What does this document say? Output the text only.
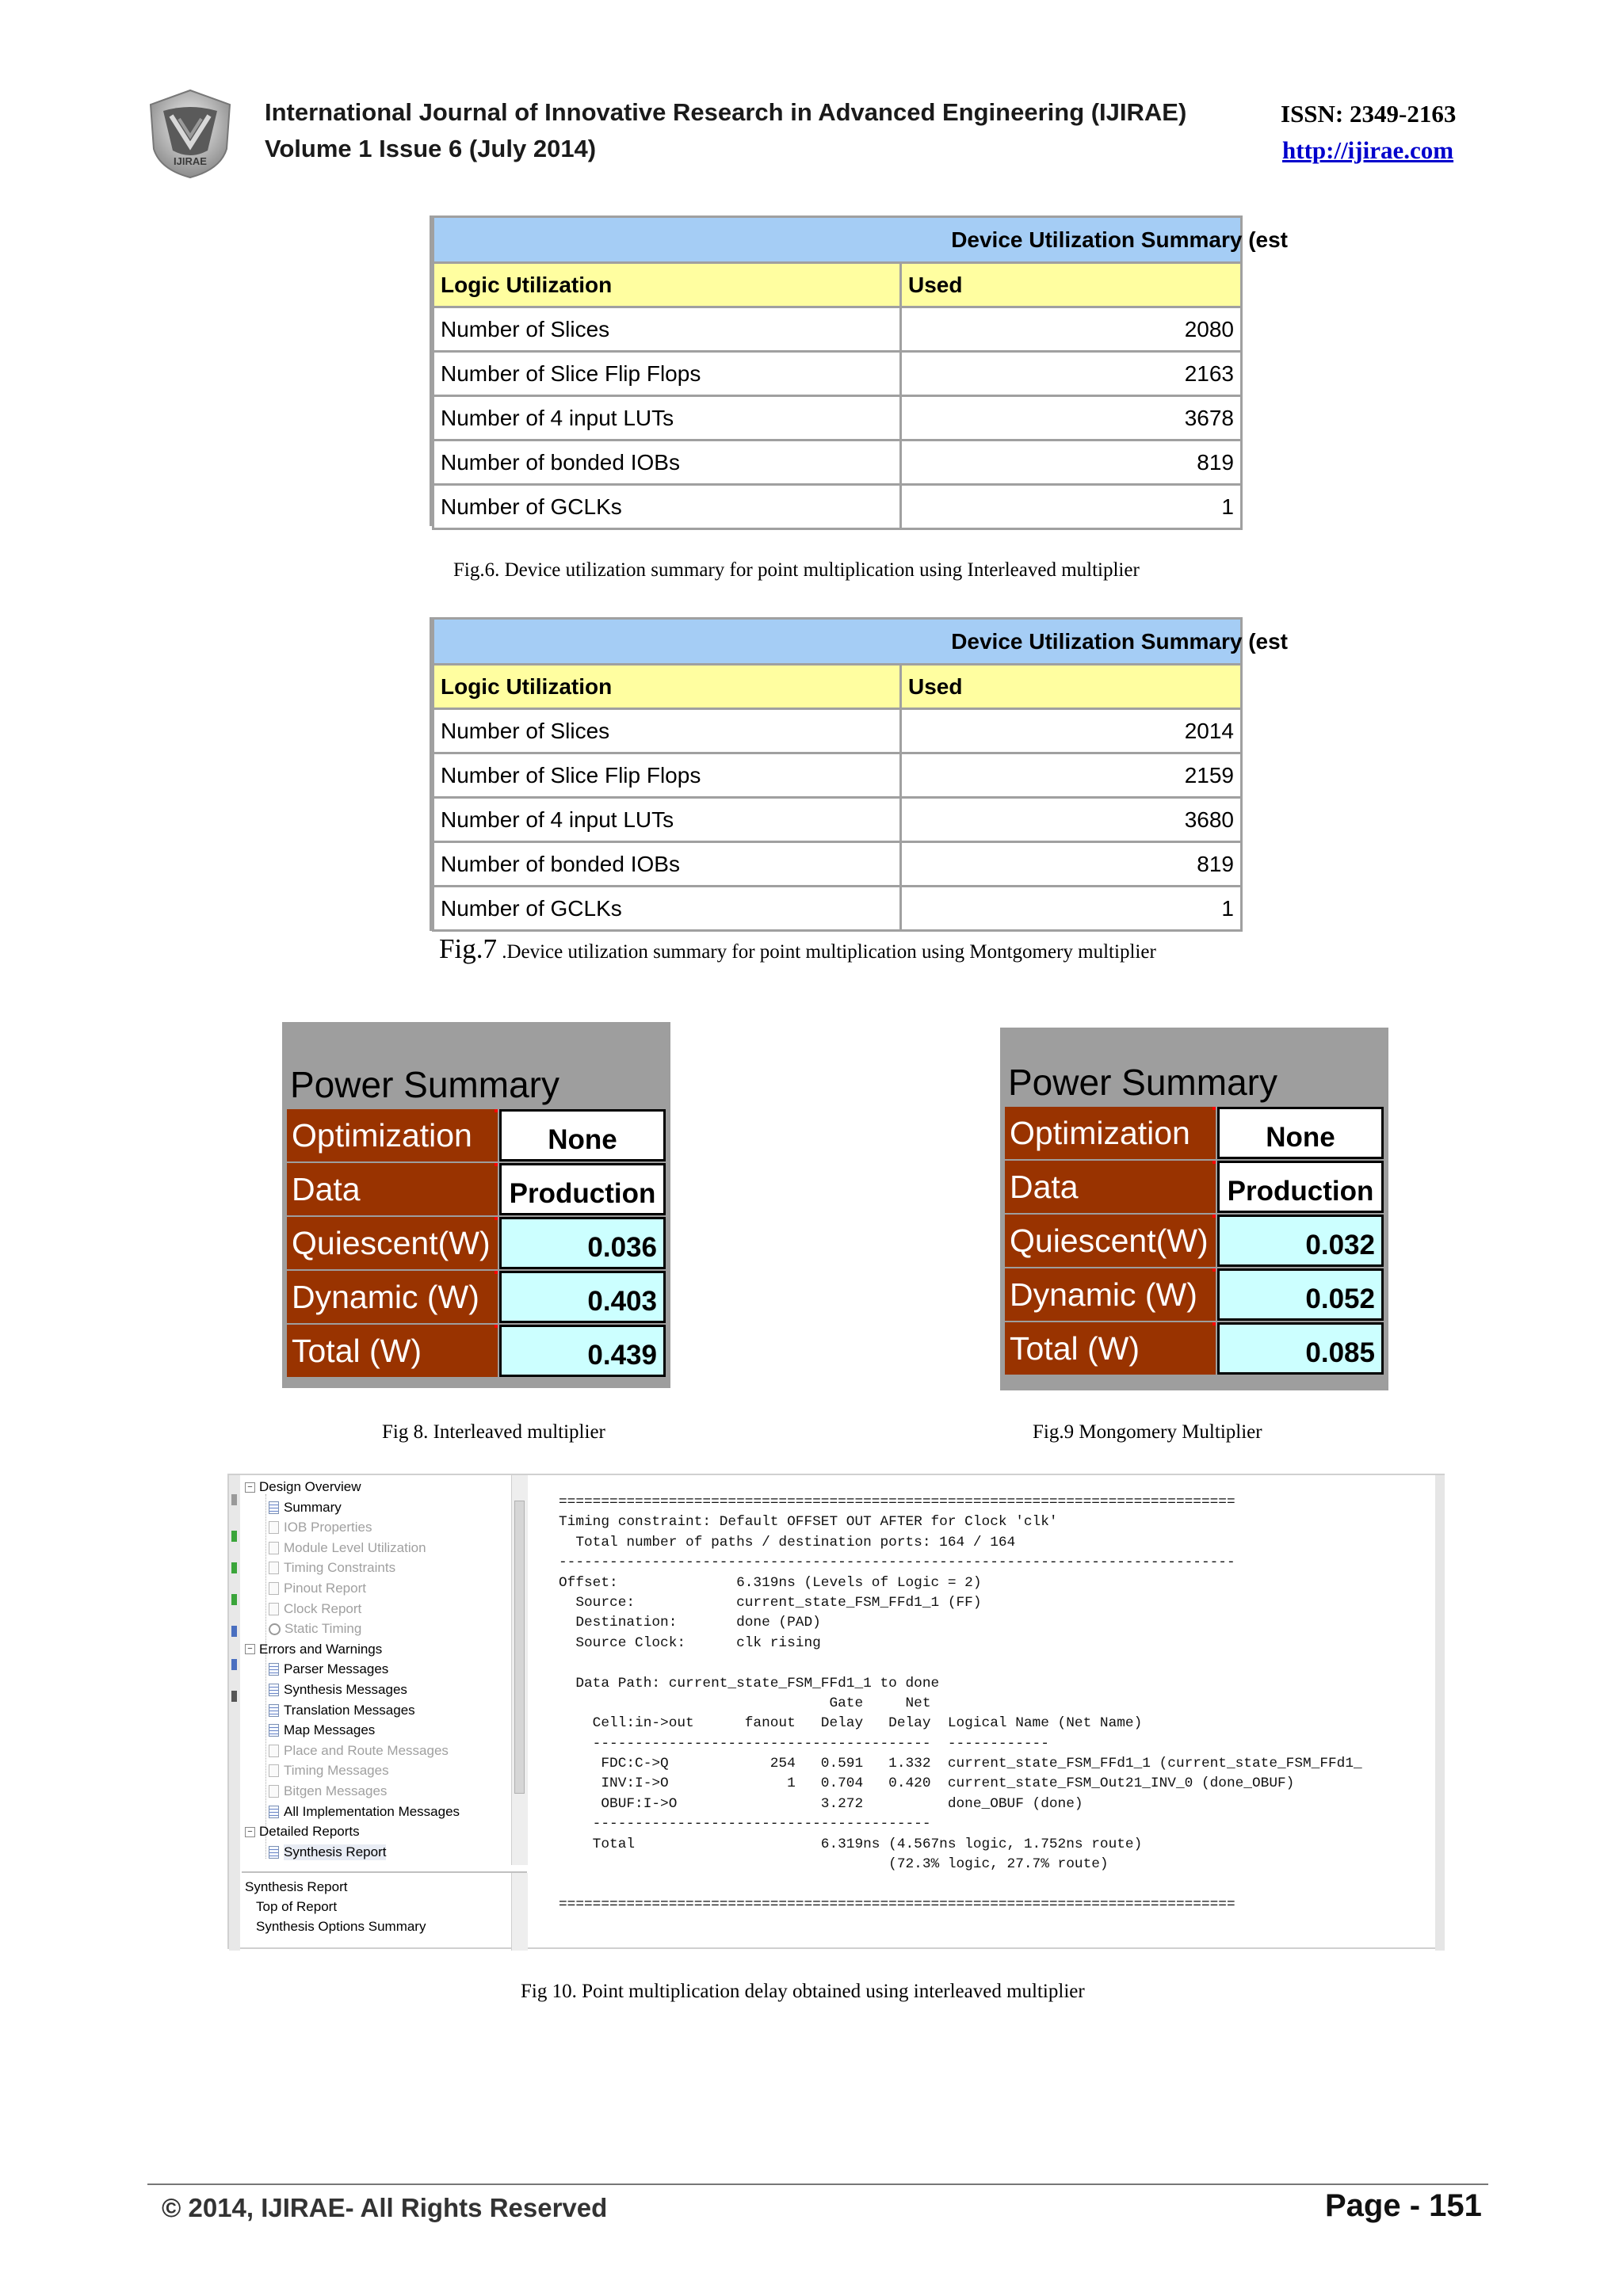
IJIRAE
International Journal of Innovative Research in Advanced Engineering (IJIRAE)
Volume 1 Issue 6 (July 2014)
ISSN: 2349-2163
http://ijirae.com
Device Utilization Summary (est	
Logic Utilization	Used
Number of Slices	2080
Number of Slice Flip Flops	2163
Number of 4 input LUTs	3678
Number of bonded IOBs	819
Number of GCLKs	1
Fig.6. Device utilization summary for point multiplication using Interleaved multiplier
Device Utilization Summary (est	
Logic Utilization	Used
Number of Slices	2014
Number of Slice Flip Flops	2159
Number of 4 input LUTs	3680
Number of bonded IOBs	819
Number of GCLKs	1
Fig.7 .Device utilization summary for point multiplication using Montgomery multiplier
Power Summary
Optimization	None
Data	Production
Quiescent(W)	0.036
Dynamic (W)	0.403
Total (W)	0.439
Fig 8. Interleaved multiplier
Power Summary
Optimization	None
Data	Production
Quiescent(W)	0.032
Dynamic (W)	0.052
Total (W)	0.085
Fig.9 Mongomery Multiplier
− Design Overview
Summary
IOB Properties
Module Level Utilization
Timing Constraints
Pinout Report
Clock Report
Static Timing
− Errors and Warnings
Parser Messages
Synthesis Messages
Translation Messages
Map Messages
Place and Route Messages
Timing Messages
Bitgen Messages
All Implementation Messages
− Detailed Reports
Synthesis Report
Synthesis Report
Top of Report
Synthesis Options Summary
================================================================================
Timing constraint: Default OFFSET OUT AFTER for Clock 'clk'
Total number of paths / destination ports: 164 / 164
--------------------------------------------------------------------------------
Offset:              6.319ns (Levels of Logic = 2)
Source:            current_state_FSM_FFd1_1 (FF)
Destination:       done (PAD)
Source Clock:      clk rising
Data Path: current_state_FSM_FFd1_1 to done
Gate     Net
Cell:in->out      fanout   Delay   Delay  Logical Name (Net Name)
----------------------------------------  ------------
FDC:C->Q            254   0.591   1.332  current_state_FSM_FFd1_1 (current_state_FSM_FFd1_
INV:I->O              1   0.704   0.420  current_state_FSM_Out21_INV_0 (done_OBUF)
OBUF:I->O                 3.272          done_OBUF (done)
----------------------------------------
Total                      6.319ns (4.567ns logic, 1.752ns route)
(72.3% logic, 27.7% route)
================================================================================
Fig 10. Point multiplication delay obtained using interleaved multiplier
© 2014, IJIRAE- All Rights Reserved	Page - 151
